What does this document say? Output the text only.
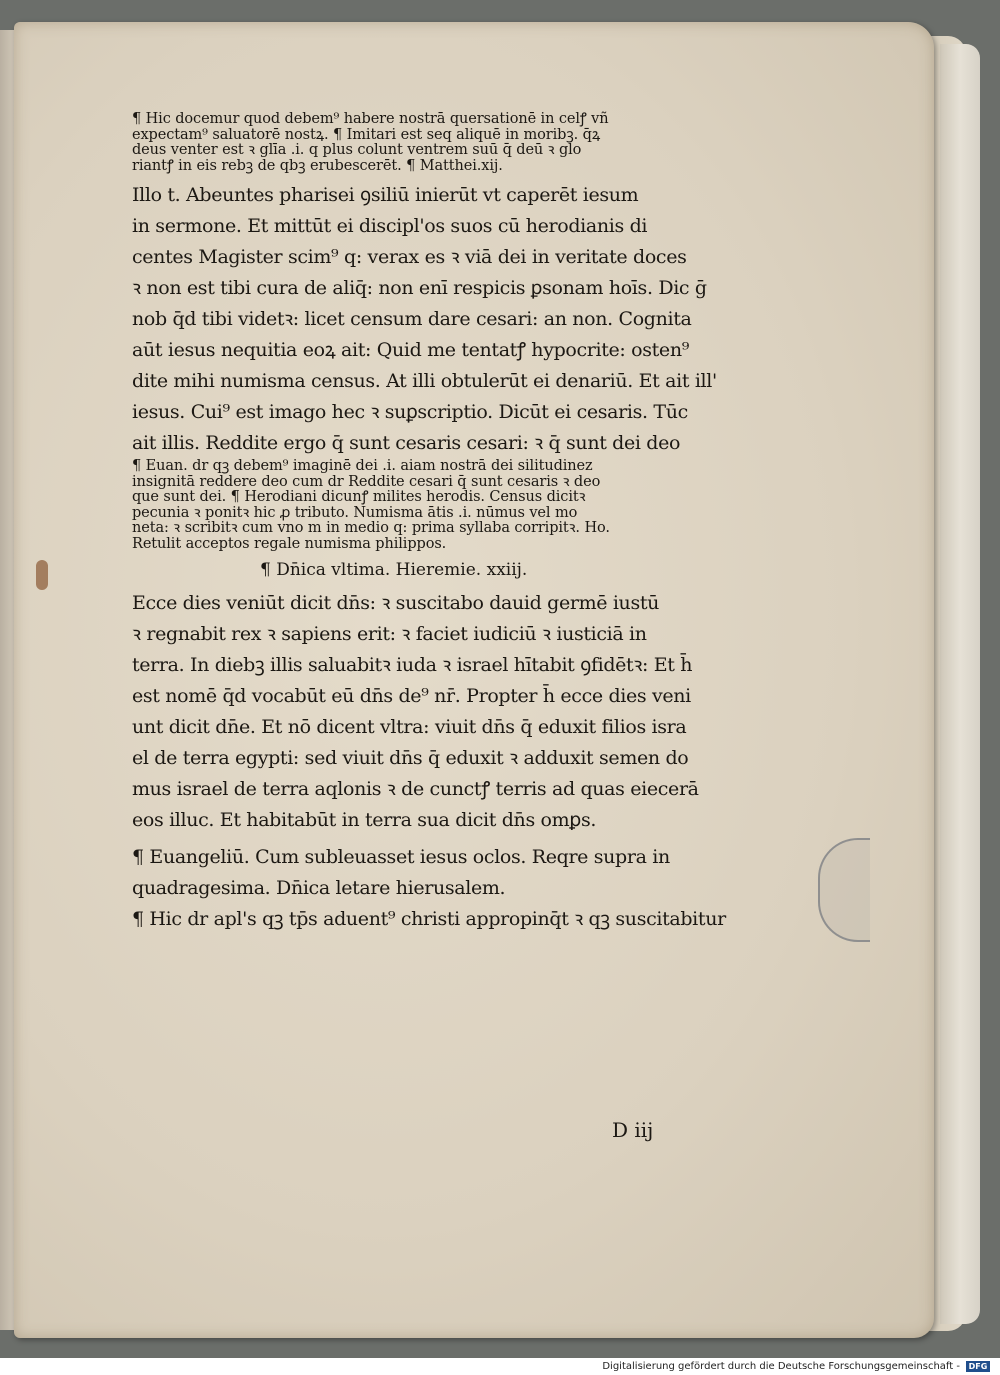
¶ Hic docemur quod debem⁹ habere nostrā quersationē in celꝭ vñ

expectam⁹ saluatorē nostꝝ. ¶ Imitari est seq aliquē in moribꝫ. q̄ꝝ

deus venter est ꝛ glīa .i. q plus colunt ventrem suū q̄ deū ꝛ glo

riantꝭ in eis rebꝫ de qbꝫ erubescerēt. ¶ Matthei.xij.

Illo t. Abeuntes pharisei ꝯsiliū inierūt vt caperēt iesum

in sermone. Et mittūt ei discipl'os suos cū herodianis di

centes Magister scim⁹ q: verax es ꝛ viā dei in veritate doces

ꝛ non est tibi cura de aliq̄: non enī respicis ꝑsonam hoīs. Dic ḡ

nob q̄d tibi videtꝛ: licet censum dare cesari: an non. Cognita

aūt iesus nequitia eoꝝ ait: Quid me tentatꝭ hypocrite: osten⁹

dite mihi numisma census. At illi obtulerūt ei denariū. Et ait ill'

iesus. Cui⁹ est imago hec ꝛ suꝑscriptio. Dicūt ei cesaris. Tūc

ait illis. Reddite ergo q̄ sunt cesaris cesari: ꝛ q̄ sunt dei deo

¶ Euan. dr qꝫ debem⁹ imaginē dei .i. aiam nostrā dei silitudinez

insignitā reddere deo cum dr Reddite cesari q̄ sunt cesaris ꝛ deo

que sunt dei. ¶ Herodiani dicunꝭ milites herodis. Census dicitꝛ

pecunia ꝛ ponitꝛ hic ꝓ tributo. Numisma ātis .i. nūmus vel mo

neta: ꝛ scribitꝛ cum vno m in medio q: prima syllaba corripitꝛ. Ho.

Retulit acceptos regale numisma philippos.

¶ Dn̄ica vltima. Hieremie. xxiij.

Ecce dies veniūt dicit dn̄s: ꝛ suscitabo dauid germē iustū

ꝛ regnabit rex ꝛ sapiens erit: ꝛ faciet iudiciū ꝛ iusticiā in

terra. In diebꝫ illis saluabitꝛ iuda ꝛ israel hītabit ꝯfidētꝛ: Et h̄

est nomē q̄d vocabūt eū dn̄s de⁹ nr̄. Propter h̄ ecce dies veni

unt dicit dn̄e. Et nō dicent vltra: viuit dn̄s q̄ eduxit filios isra

el de terra egypti: sed viuit dn̄s q̄ eduxit ꝛ adduxit semen do

mus israel de terra aqlonis ꝛ de cunctꝭ terris ad quas eiecerā

eos illuc. Et habitabūt in terra sua dicit dn̄s omꝑs.

¶ Euangeliū. Cum subleuasset iesus oclos. Reqre supra in

quadragesima. Dn̄ica letare hierusalem.

¶ Hic dr apl's qꝫ tp̄s aduent⁹ christi appropinq̄t ꝛ qꝫ suscitabitur

D iij
Digitalisierung gefördert durch die Deutsche Forschungsgemeinschaft -	DFG
